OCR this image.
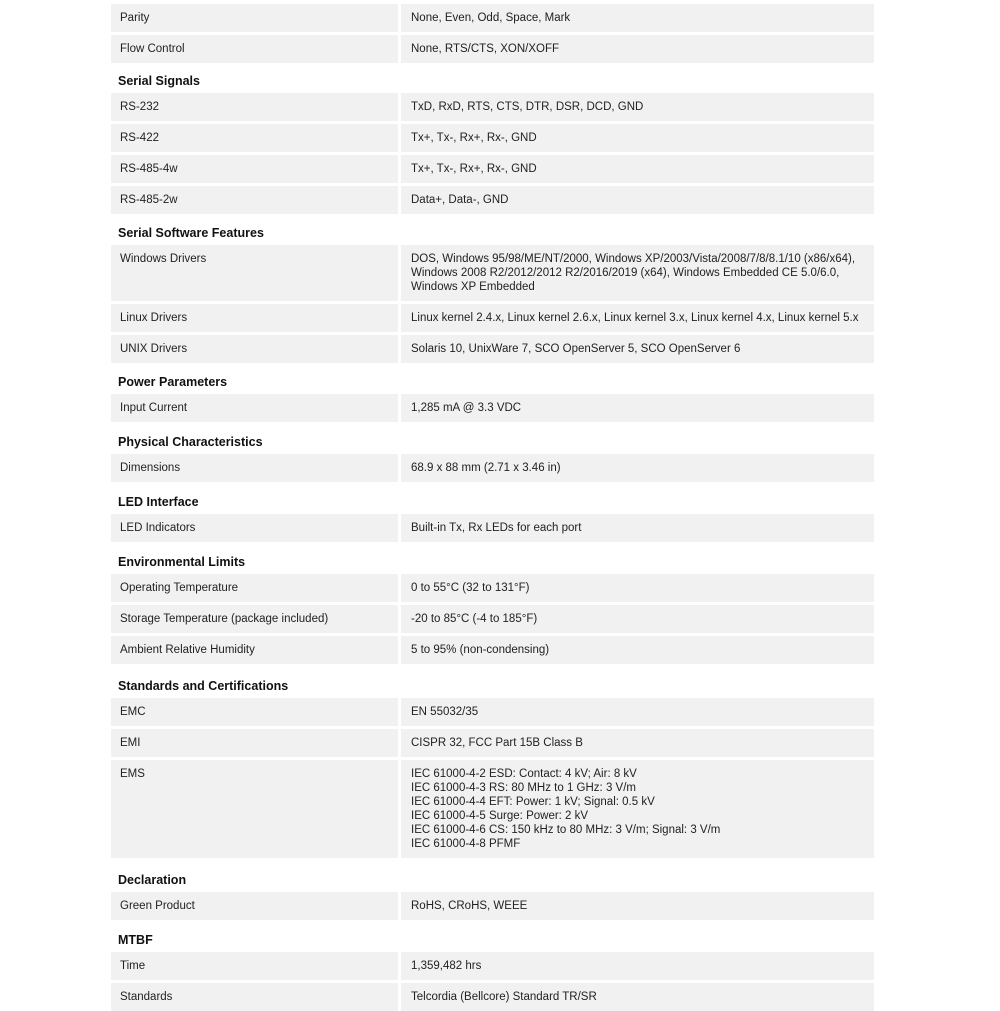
Parity	None, Even, Odd, Space, Mark
Flow Control	None, RTS/CTS, XON/XOFF
Serial Signals
RS-232	TxD, RxD, RTS, CTS, DTR, DSR, DCD, GND
RS-422	Tx+, Tx-, Rx+, Rx-, GND
RS-485-4w	Tx+, Tx-, Rx+, Rx-, GND
RS-485-2w	Data+, Data-, GND
Serial Software Features
Windows Drivers	DOS, Windows 95/98/ME/NT/2000, Windows XP/2003/Vista/2008/7/8/8.1/10 (x86/x64),
Windows 2008 R2/2012/2012 R2/2016/2019 (x64), Windows Embedded CE 5.0/6.0,
Windows XP Embedded
Linux Drivers	Linux kernel 2.4.x, Linux kernel 2.6.x, Linux kernel 3.x, Linux kernel 4.x, Linux kernel 5.x
UNIX Drivers	Solaris 10, UnixWare 7, SCO OpenServer 5, SCO OpenServer 6
Power Parameters
Input Current	1,285 mA @ 3.3 VDC
Physical Characteristics
Dimensions	68.9 x 88 mm (2.71 x 3.46 in)
LED Interface
LED Indicators	Built-in Tx, Rx LEDs for each port
Environmental Limits
Operating Temperature	0 to 55°C (32 to 131°F)
Storage Temperature (package included)	-20 to 85°C (-4 to 185°F)
Ambient Relative Humidity	5 to 95% (non-condensing)
Standards and Certifications
EMC	EN 55032/35
EMI	CISPR 32, FCC Part 15B Class B
EMS	IEC 61000-4-2 ESD: Contact: 4 kV; Air: 8 kV
IEC 61000-4-3 RS: 80 MHz to 1 GHz: 3 V/m
IEC 61000-4-4 EFT: Power: 1 kV; Signal: 0.5 kV
IEC 61000-4-5 Surge: Power: 2 kV
IEC 61000-4-6 CS: 150 kHz to 80 MHz: 3 V/m; Signal: 3 V/m
IEC 61000-4-8 PFMF
Declaration
Green Product	RoHS, CRoHS, WEEE
MTBF
Time	1,359,482 hrs
Standards	Telcordia (Bellcore) Standard TR/SR
